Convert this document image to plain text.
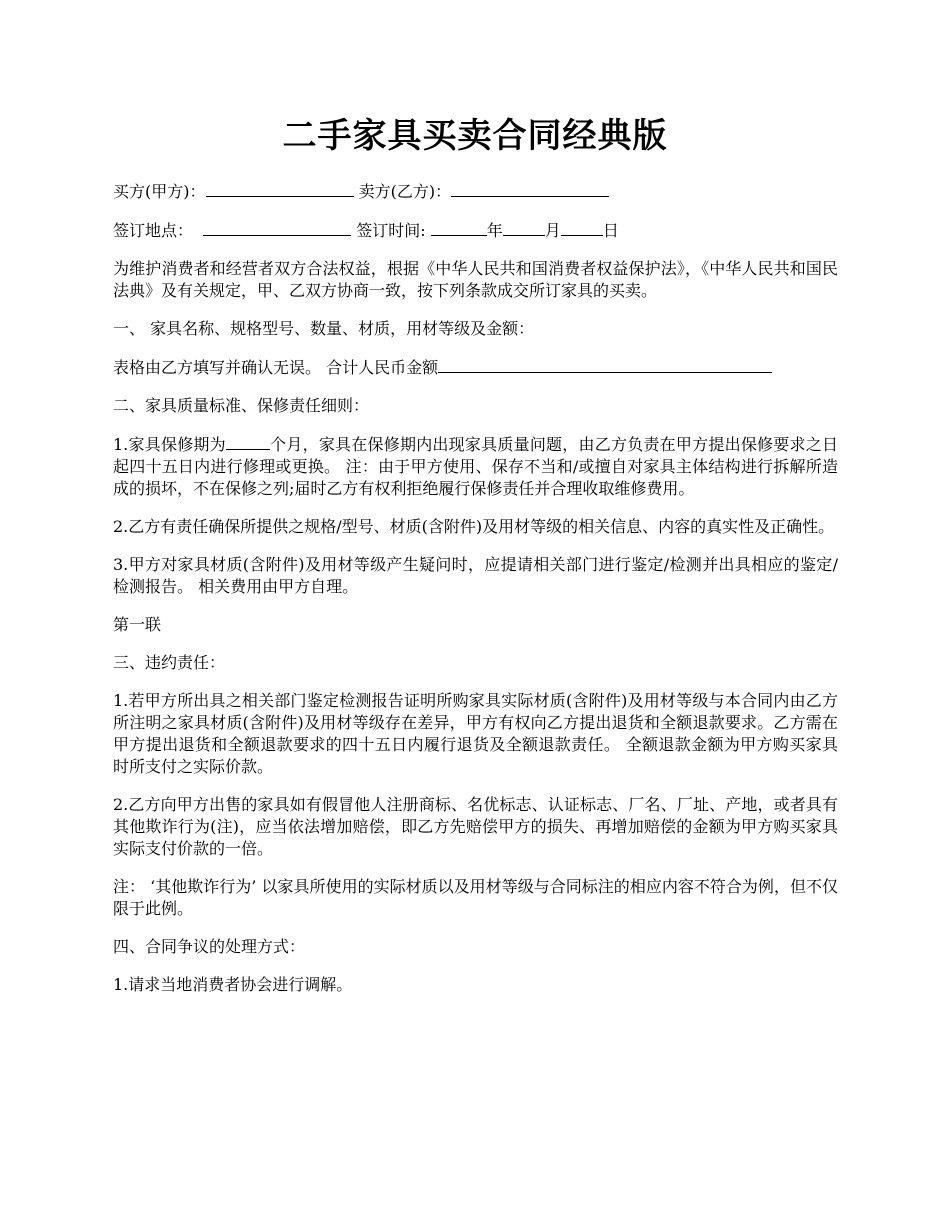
二手家具买卖合同经典版

买方(甲方)：	卖方(乙方)：

签订地点：	签订时间:	年	月	日

为维护消费者和经营者双方合法权益，根据《中华人民共和国消费者权益保护法》，《中华人民共和国民法典》及有关规定，甲、乙双方协商一致，按下列条款成交所订家具的买卖。

一、 家具名称、规格型号、数量、材质，用材等级及金额：

表格由乙方填写并确认无误。 合计人民币金额

二、家具质量标准、保修责任细则：

1.家具保修期为	个月，家具在保修期内出现家具质量问题，由乙方负责在甲方提出保修要求之日起四十五日内进行修理或更换。 注：由于甲方使用、保存不当和/或擅自对家具主体结构进行拆解所造成的损坏，不在保修之列;届时乙方有权利拒绝履行保修责任并合理收取维修费用。

2.乙方有责任确保所提供之规格/型号、材质(含附件)及用材等级的相关信息、内容的真实性及正确性。

3.甲方对家具材质(含附件)及用材等级产生疑问时，应提请相关部门进行鉴定/检测并出具相应的鉴定/检测报告。 相关费用由甲方自理。

第一联

三、违约责任：

1.若甲方所出具之相关部门鉴定检测报告证明所购家具实际材质(含附件)及用材等级与本合同内由乙方所注明之家具材质(含附件)及用材等级存在差异，甲方有权向乙方提出退货和全额退款要求。乙方需在甲方提出退货和全额退款要求的四十五日内履行退货及全额退款责任。 全额退款金额为甲方购买家具时所支付之实际价款。

2.乙方向甲方出售的家具如有假冒他人注册商标、名优标志、认证标志、厂名、厂址、产地，或者具有其他欺诈行为(注)，应当依法增加赔偿，即乙方先赔偿甲方的损失、再增加赔偿的金额为甲方购买家具实际支付价款的一倍。

注： ‘其他欺诈行为’ 以家具所使用的实际材质以及用材等级与合同标注的相应内容不符合为例，但不仅限于此例。

四、合同争议的处理方式：

1.请求当地消费者协会进行调解。
